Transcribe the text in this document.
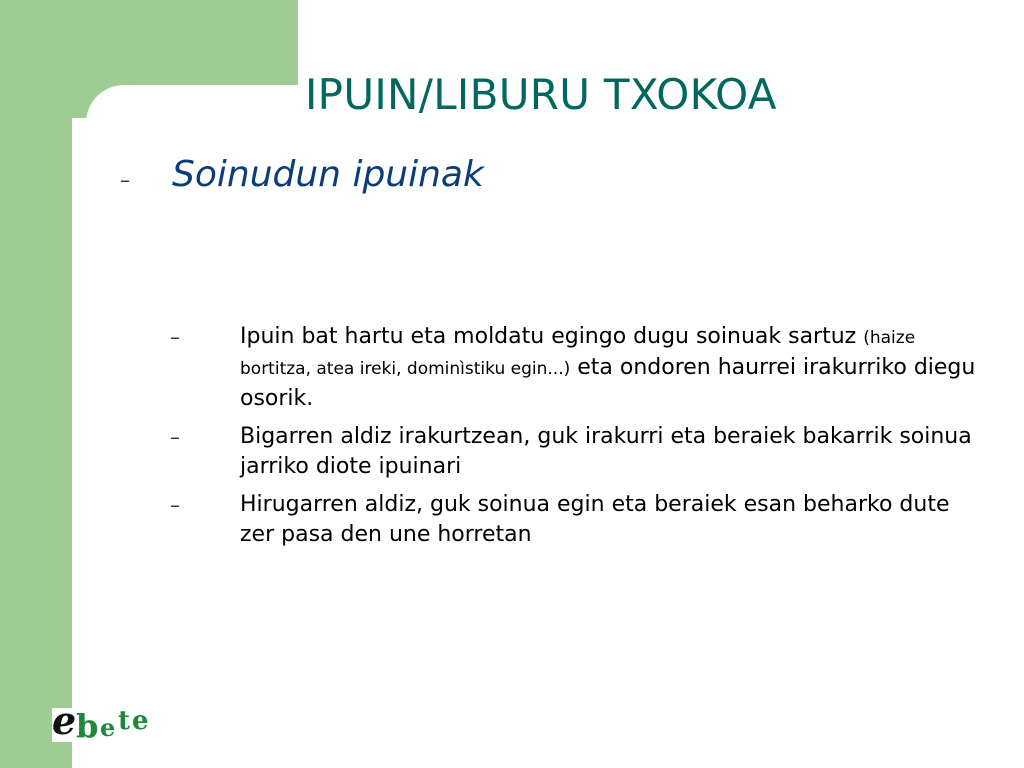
IPUIN/LIBURU TXOKOA
– Soinudun ipuinak
–	Ipuin bat hartu eta moldatu egingo dugu soinuak sartuz (haize bortitza, atea ireki, dominìstiku egin...) eta ondoren haurrei irakurriko diegu osorik.
–	Bigarren aldiz irakurtzean, guk irakurri eta beraiek bakarrik soinua jarriko diote ipuinari
–	Hirugarren aldiz, guk soinua egin eta beraiek esan beharko dute zer pasa den une horretan
e b e t e
